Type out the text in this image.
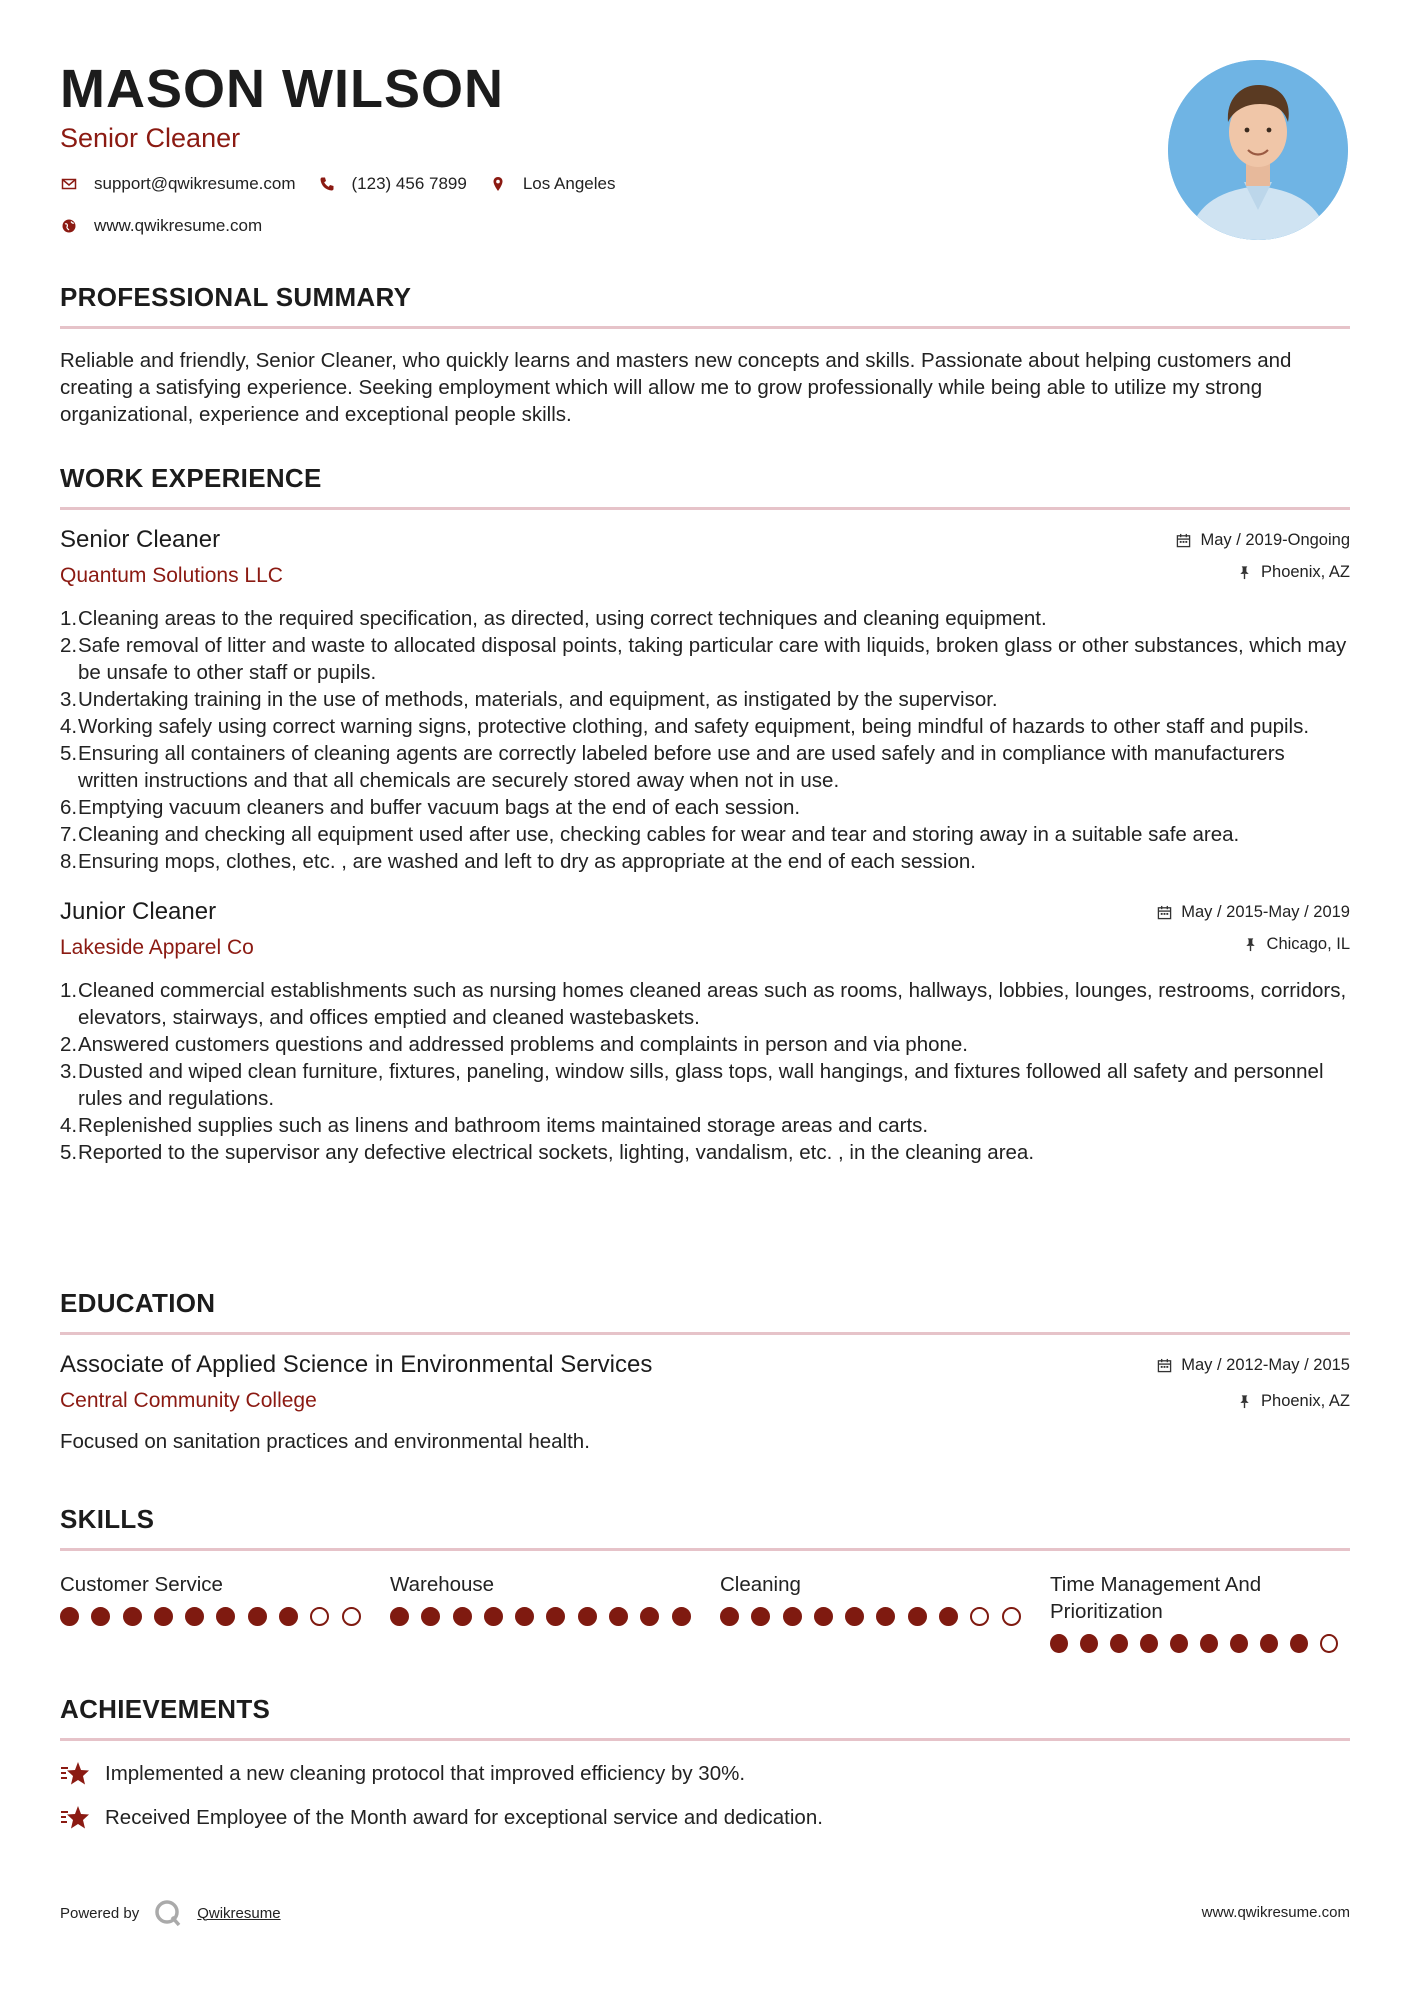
MASON WILSON
Senior Cleaner
support@qwikresume.com	(123) 456 7899	Los Angeles
www.qwikresume.com
PROFESSIONAL SUMMARY
Reliable and friendly, Senior Cleaner, who quickly learns and masters new concepts and skills. Passionate about helping customers and creating a satisfying experience. Seeking employment which will allow me to grow professionally while being able to utilize my strong organizational, experience and exceptional people skills.
WORK EXPERIENCE
Senior Cleaner
Quantum Solutions LLC
May / 2019-Ongoing
Phoenix, AZ
1. Cleaning areas to the required specification, as directed, using correct techniques and cleaning equipment.
2. Safe removal of litter and waste to allocated disposal points, taking particular care with liquids, broken glass or other substances, which may be unsafe to other staff or pupils.
3. Undertaking training in the use of methods, materials, and equipment, as instigated by the supervisor.
4. Working safely using correct warning signs, protective clothing, and safety equipment, being mindful of hazards to other staff and pupils.
5. Ensuring all containers of cleaning agents are correctly labeled before use and are used safely and in compliance with manufacturers written instructions and that all chemicals are securely stored away when not in use.
6. Emptying vacuum cleaners and buffer vacuum bags at the end of each session.
7. Cleaning and checking all equipment used after use, checking cables for wear and tear and storing away in a suitable safe area.
8. Ensuring mops, clothes, etc. , are washed and left to dry as appropriate at the end of each session.
Junior Cleaner
Lakeside Apparel Co
May / 2015-May / 2019
Chicago, IL
1. Cleaned commercial establishments such as nursing homes cleaned areas such as rooms, hallways, lobbies, lounges, restrooms, corridors, elevators, stairways, and offices emptied and cleaned wastebaskets.
2. Answered customers questions and addressed problems and complaints in person and via phone.
3. Dusted and wiped clean furniture, fixtures, paneling, window sills, glass tops, wall hangings, and fixtures followed all safety and personnel rules and regulations.
4. Replenished supplies such as linens and bathroom items maintained storage areas and carts.
5. Reported to the supervisor any defective electrical sockets, lighting, vandalism, etc. , in the cleaning area.
EDUCATION
Associate of Applied Science in Environmental Services
Central Community College
May / 2012-May / 2015
Phoenix, AZ
Focused on sanitation practices and environmental health.
SKILLS
Customer Service	Warehouse	Cleaning	Time Management And Prioritization
ACHIEVEMENTS
Implemented a new cleaning protocol that improved efficiency by 30%.
Received Employee of the Month award for exceptional service and dedication.
Powered by	Qwikresume	www.qwikresume.com
